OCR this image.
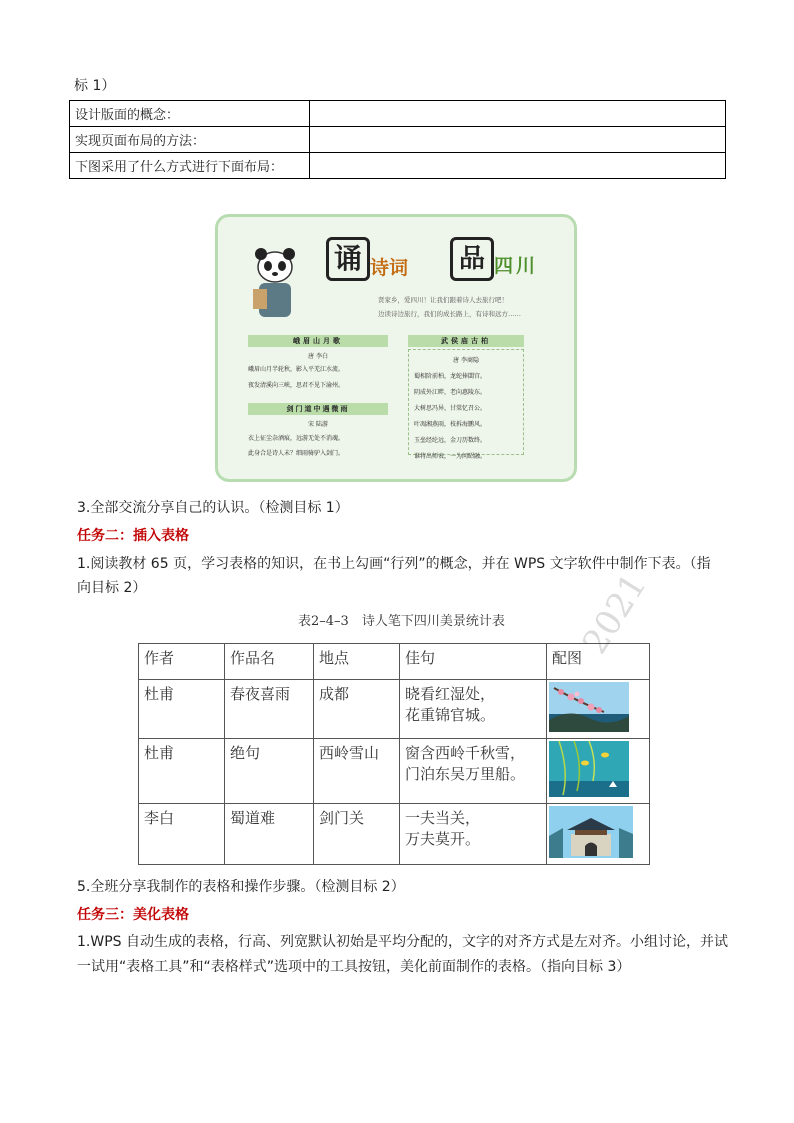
标 1）
设计版面的概念：	
实现页面布局的方法：	
下图采用了什么方式进行下面布局：	
诵 诗词	品 四川
贤家乡，爱四川！让我们跟着诗人去旅行吧！
边读诗边旅行，我们的成长路上，有诗和远方……
峨眉山月歌
唐 李白
峨眉山月半轮秋，影入平羌江水流。
夜发清溪向三峡，思君不见下渝州。
剑门道中遇微雨
宋 陆游
衣上征尘杂酒痕，远游无处不消魂。
此身合是诗人未？细雨骑驴入剑门。
武侯庙古柏
唐 李商隐
蜀相阶前柏，龙蛇捧閟宫。
阴成外江畔，老向惠陵东。
大树思冯异，甘棠忆召公。
叶凋湘燕雨，枝拆海鹏风。
玉垒经纶远，金刀历数终。
谁将出师表，一为问昭融。
3.全部交流分享自己的认识。（检测目标 1）
任务二：插入表格
1.阅读教材 65 页，学习表格的知识，在书上勾画“行列”的概念，并在 WPS 文字软件中制作下表。（指
向目标 2）
表2–4–3　诗人笔下四川美景统计表 2021
作者	作品名	地点	佳句	配图
杜甫	春夜喜雨	成都	晓看红湿处，
花重锦官城。

杜甫	绝句	西岭雪山	窗含西岭千秋雪，
门泊东吴万里船。

李白	蜀道难	剑门关	一夫当关，
万夫莫开。

5.全班分享我制作的表格和操作步骤。（检测目标 2）
任务三：美化表格
1.WPS 自动生成的表格，行高、列宽默认初始是平均分配的，文字的对齐方式是左对齐。小组讨论，并试
一试用“表格工具”和“表格样式”选项中的工具按钮，美化前面制作的表格。（指向目标 3）
